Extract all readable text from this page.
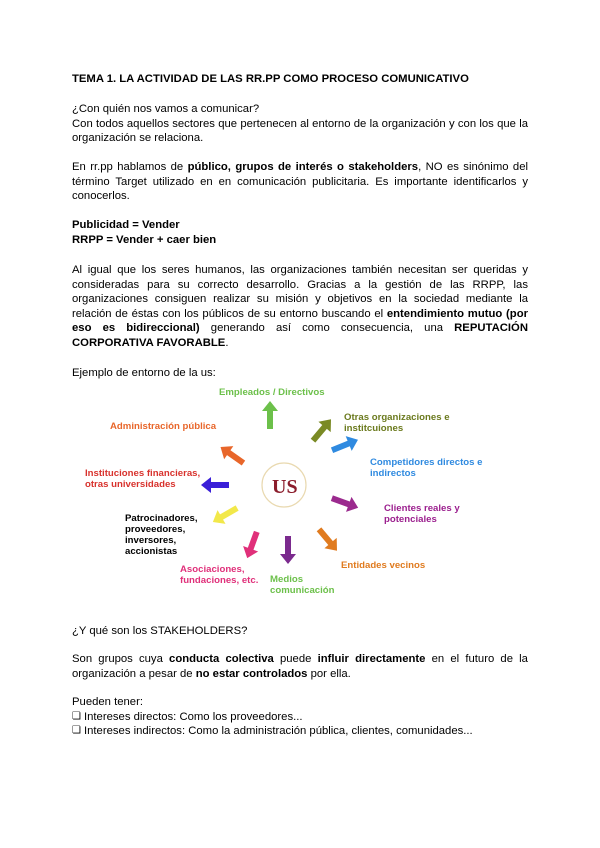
TEMA 1. LA ACTIVIDAD DE LAS RR.PP COMO PROCESO COMUNICATIVO

¿Con quién nos vamos a comunicar?

Con todos aquellos sectores que pertenecen al entorno de la organización y con los que la organización se relaciona.

En rr.pp hablamos de público, grupos de interés o stakeholders, NO es sinónimo del término Target utilizado en en comunicación publicitaria. Es importante identificarlos y conocerlos.

Publicidad = Vender

RRPP = Vender + caer bien

Al igual que los seres humanos, las organizaciones también necesitan ser queridas y consideradas para su correcto desarrollo. Gracias a la gestión de las RRPP, las organizaciones consiguen realizar su misión y objetivos en la sociedad mediante la relación de éstas con los públicos de su entorno buscando el entendimiento mutuo (por eso es bidireccional) generando así como consecuencia, una REPUTACIÓN CORPORATIVA FAVORABLE.

Ejemplo de entorno de la us:

¿Y qué son los STAKEHOLDERS?

Son grupos cuya conducta colectiva puede influir directamente en el futuro de la organización a pesar de no estar controlados por ella.

Pueden tener:

❏ Intereses directos: Como los proveedores...
❏ Intereses indirectos: Como la administración pública, clientes, comunidades...
US
Empleados / Directivos
Otras organizaciones e
institcuiones
Competidores directos e
indirectos
Clientes reales y
potenciales
Entidades vecinos
Medios
comunicación
Asociaciones,
fundaciones, etc.
Patrocinadores,
proveedores,
inversores,
accionistas
Instituciones financieras,
otras universidades
Administración pública
